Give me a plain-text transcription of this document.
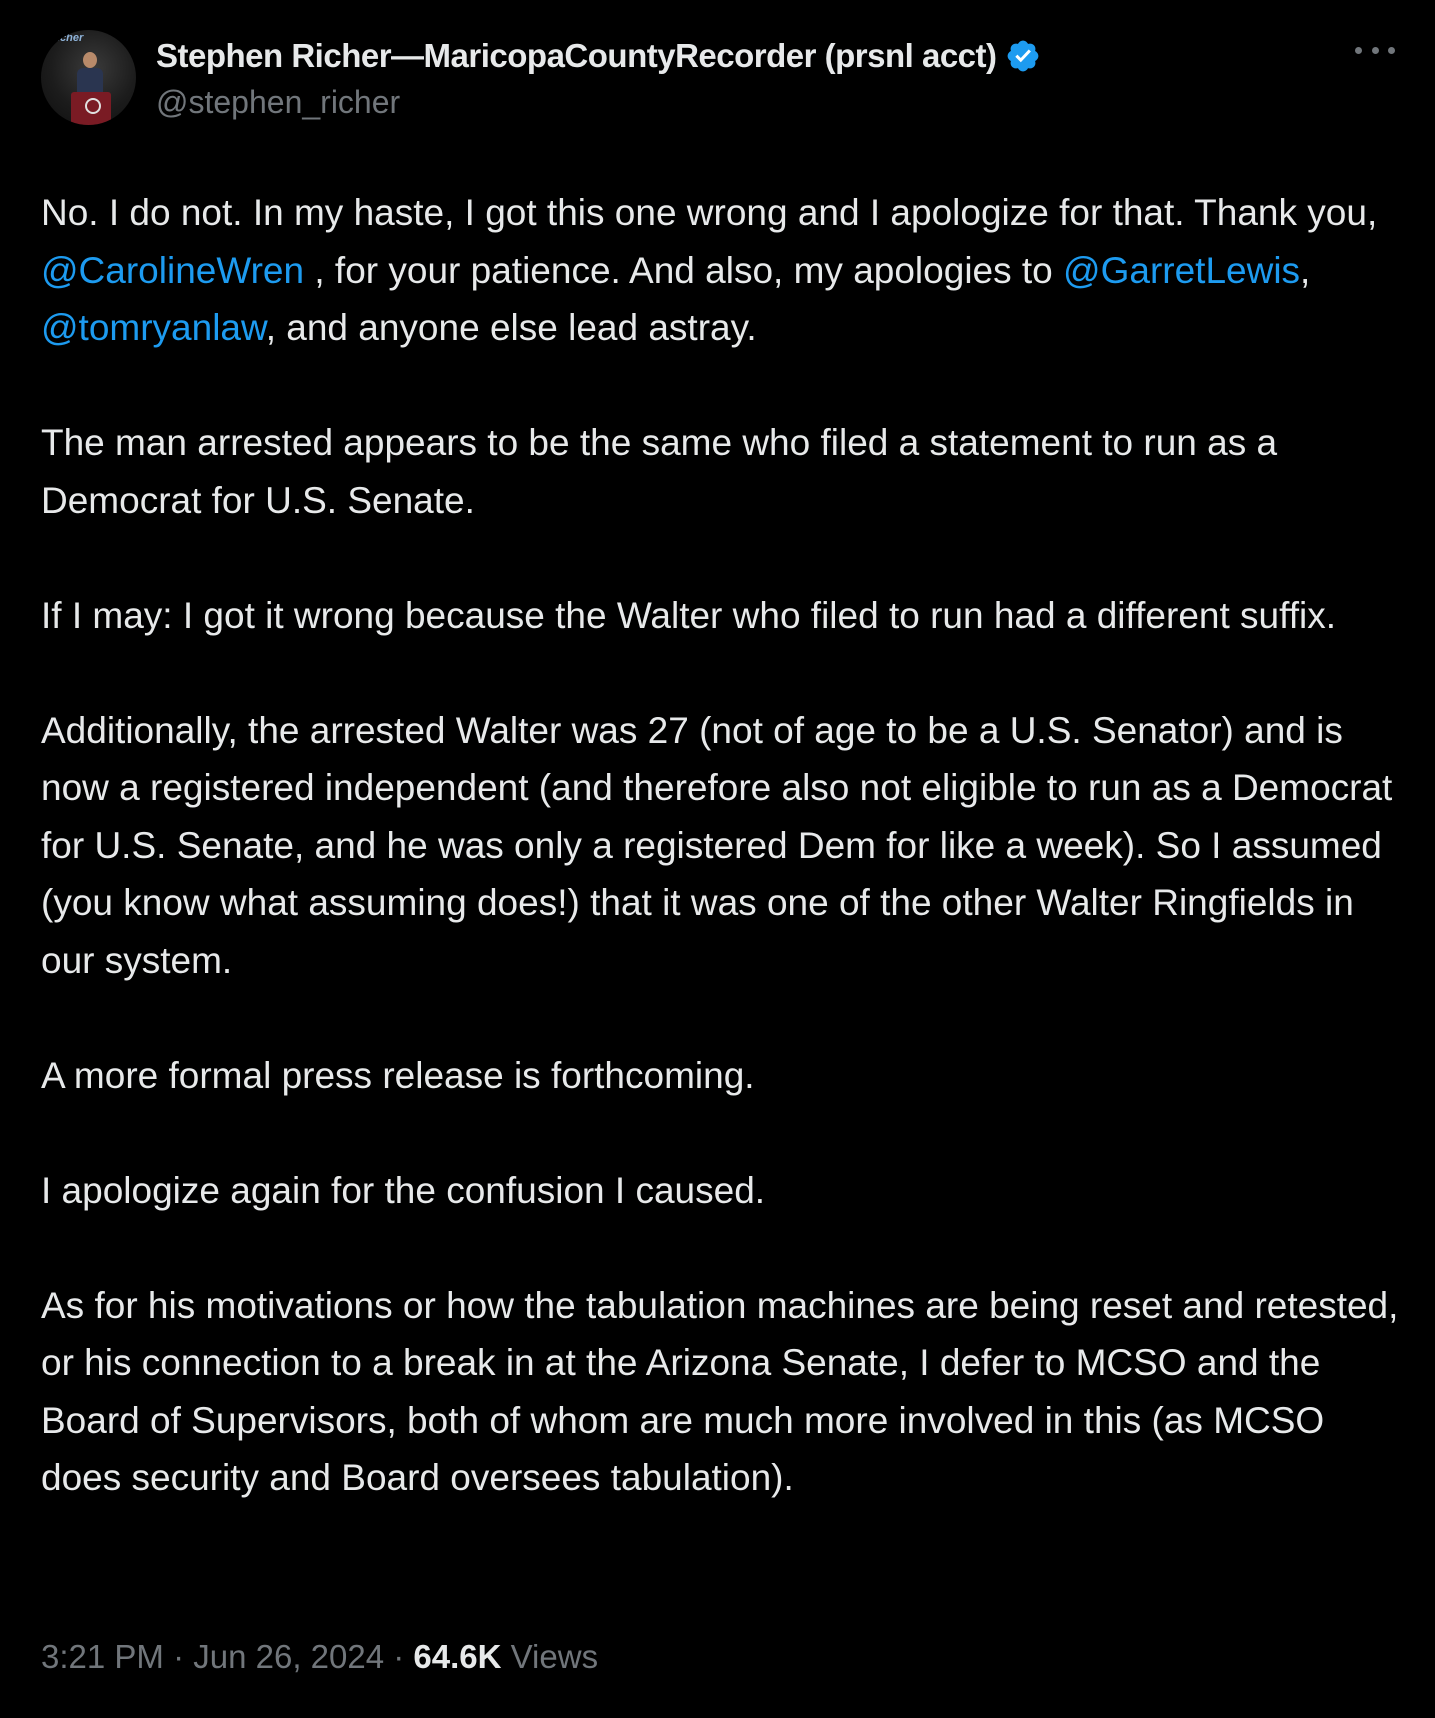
Richer Stephen Richer—MaricopaCountyRecorder (prsnl acct)
@stephen_richer

No. I do not. In my haste, I got this one wrong and I apologize for that. Thank you, @CarolineWren , for your patience. And also, my apologies to @GarretLewis, @tomryanlaw, and anyone else lead astray.

The man arrested appears to be the same who filed a statement to run as a Democrat for U.S. Senate.

If I may: I got it wrong because the Walter who filed to run had a different suffix.

Additionally, the arrested Walter was 27 (not of age to be a U.S. Senator) and is now a registered independent (and therefore also not eligible to run as a Democrat for U.S. Senate, and he was only a registered Dem for like a week). So I assumed (you know what assuming does!) that it was one of the other Walter Ringfields in our system.

A more formal press release is forthcoming.

I apologize again for the confusion I caused.

As for his motivations or how the tabulation machines are being reset and retested, or his connection to a break in at the Arizona Senate, I defer to MCSO and the Board of Supervisors, both of whom are much more involved in this (as MCSO does security and Board oversees tabulation).

3:21 PM · Jun 26, 2024 · 64.6K Views
